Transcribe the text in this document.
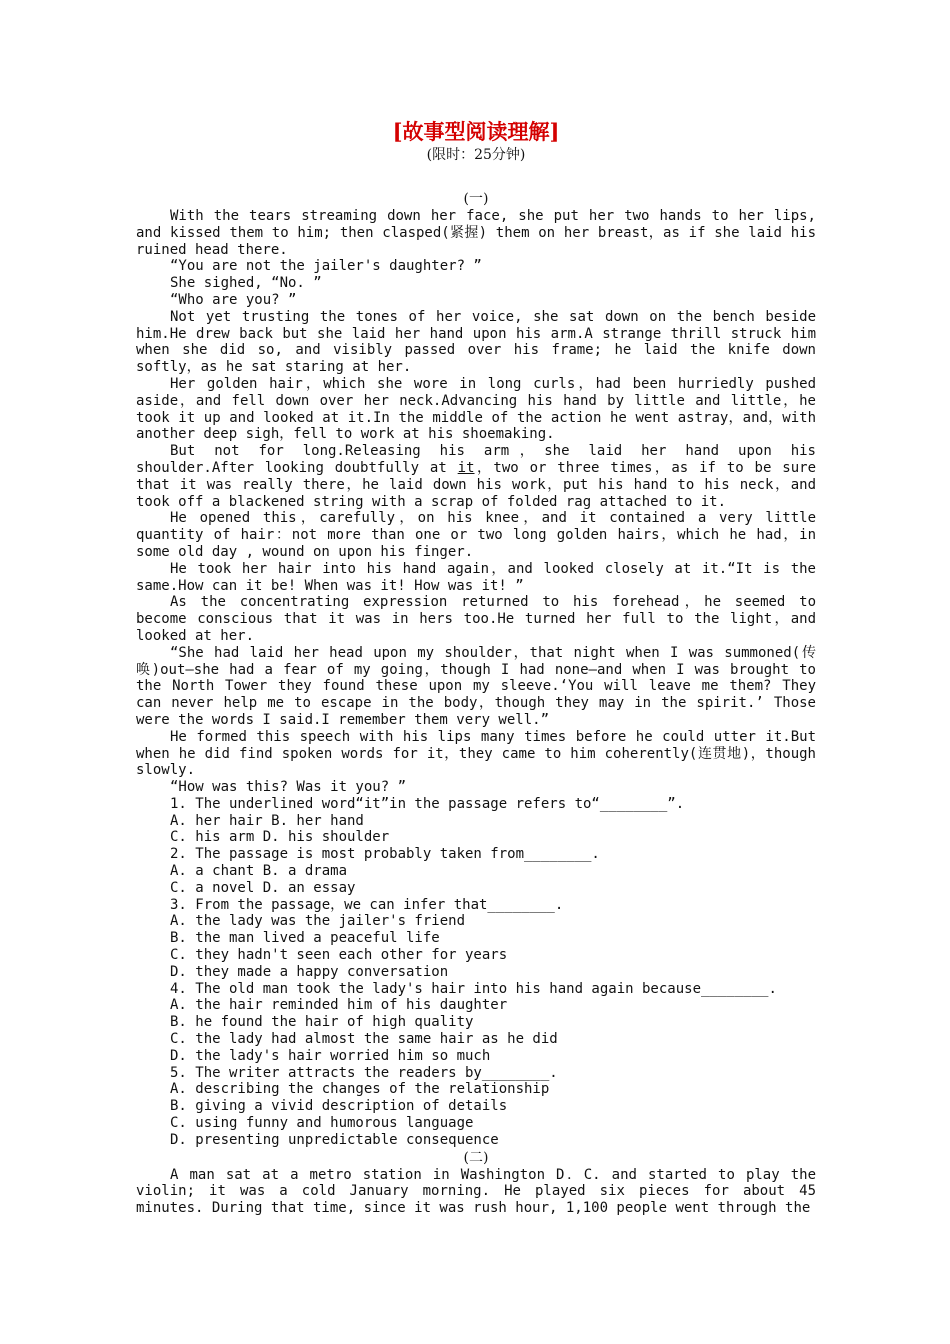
[故事型阅读理解]
(限时：25分钟)
(一)

With the tears streaming down her face, she put her two hands to her lips, and kissed them to him; then clasped(紧握) them on her breast，as if she laid his ruined head there.

“You are not the jailer's daughter? ”

She sighed, “No. ”

“Who are you? ”

Not yet trusting the tones of her voice, she sat down on the bench beside him.He drew back but she laid her hand upon his arm.A strange thrill struck him when she did so, and visibly passed over his frame; he laid the knife down softly，as he sat staring at her.

Her golden hair，which she wore in long curls，had been hurriedly pushed aside，and fell down over her neck.Advancing his hand by little and little，he took it up and looked at it.In the middle of the action he went astray，and，with another deep sigh，fell to work at his shoemaking.

But not for long.Releasing his arm，she laid her hand upon his shoulder.After looking doubtfully at it，two or three times，as if to be sure that it was really there，he laid down his work，put his hand to his neck，and took off a blackened string with a scrap of folded rag attached to it.

He opened this，carefully，on his knee，and it contained a very little quantity of hair：not more than one or two long golden hairs，which he had，in some old day , wound on upon his finger.

He took her hair into his hand again，and looked closely at it.“It is the same.How can it be! When was it! How was it! ”

As the concentrating expression returned to his forehead，he seemed to become conscious that it was in hers too.He turned her full to the light，and looked at her.

“She had laid her head upon my shoulder，that night when I was summoned(传唤)out—she had a fear of my going，though I had none—and when I was brought to the North Tower they found these upon my sleeve.‘You will leave me them? They can never help me to escape in the body，though they may in the spirit.’ Those were the words I said.I remember them very well.”

He formed this speech with his lips many times before he could utter it.But when he did find spoken words for it，they came to him coherently(连贯地)，though slowly.

“How was this? Was it you? ”

1. The underlined word“it”in the passage refers to“________”.

A. her hair B. her hand

C. his arm D. his shoulder

2. The passage is most probably taken from________.

A. a chant B. a drama

C. a novel D. an essay

3. From the passage，we can infer that________.

A. the lady was the jailer's friend

B. the man lived a peaceful life

C. they hadn't seen each other for years

D. they made a happy conversation

4. The old man took the lady's hair into his hand again because________.

A. the hair reminded him of his daughter

B. he found the hair of high quality

C. the lady had almost the same hair as he did

D. the lady's hair worried him so much

5. The writer attracts the readers by________.

A. describing the changes of the relationship

B. giving a vivid description of details

C. using funny and humorous language

D. presenting unpredictable consequence

(二)

A man sat at a metro station in Washington D．C. and started to play the violin; it was a cold January morning. He played six pieces for about 45 minutes. During that time, since it was rush hour, 1,100 people went through the
